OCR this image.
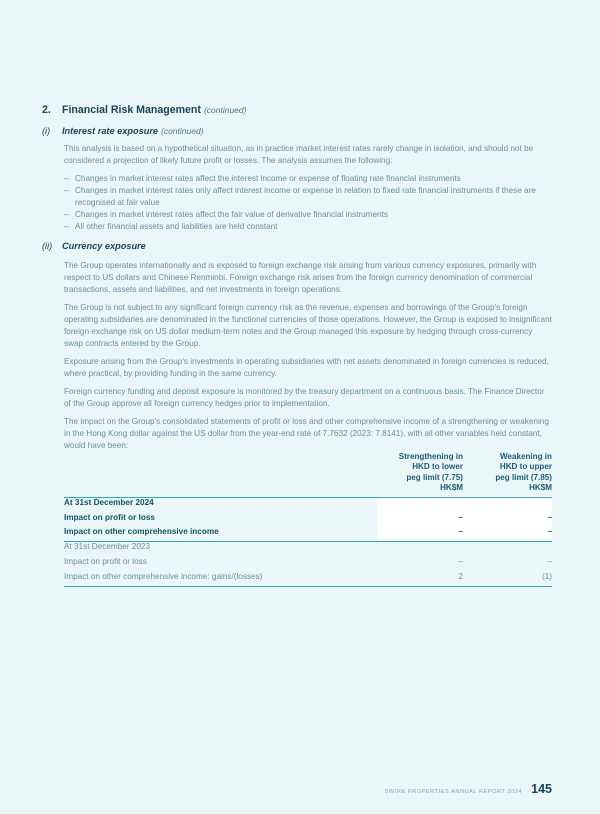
2.	Financial Risk Management (continued)
(i)	Interest rate exposure (continued)
This analysis is based on a hypothetical situation, as in practice market interest rates rarely change in isolation, and should not be considered a projection of likely future profit or losses. The analysis assumes the following:
– Changes in market interest rates affect the interest income or expense of floating rate financial instruments
– Changes in market interest rates only affect interest income or expense in relation to fixed rate financial instruments if these are recognised at fair value
– Changes in market interest rates affect the fair value of derivative financial instruments
– All other financial assets and liabilities are held constant
(ii)	Currency exposure
The Group operates internationally and is exposed to foreign exchange risk arising from various currency exposures, primarily with respect to US dollars and Chinese Renminbi. Foreign exchange risk arises from the foreign currency denomination of commercial transactions, assets and liabilities, and net investments in foreign operations.
The Group is not subject to any significant foreign currency risk as the revenue, expenses and borrowings of the Group's foreign operating subsidiaries are denominated in the functional currencies of those operations. However, the Group is exposed to insignificant foreign exchange risk on US dollar medium-term notes and the Group managed this exposure by hedging through cross-currency swap contracts entered by the Group.
Exposure arising from the Group's investments in operating subsidiaries with net assets denominated in foreign currencies is reduced, where practical, by providing funding in the same currency.
Foreign currency funding and deposit exposure is monitored by the treasury department on a continuous basis. The Finance Director of the Group approve all foreign currency hedges prior to implementation.
The impact on the Group's consolidated statements of profit or loss and other comprehensive income of a strengthening or weakening in the Hong Kong dollar against the US dollar from the year-end rate of 7.7632 (2023: 7.8141), with all other variables held constant, would have been:
Strengthening in
HKD to lower
peg limit (7.75)
HK$M
Weakening in
HKD to upper
peg limit (7.85)
HK$M
At 31st December 2024
Impact on profit or loss	–	–
Impact on other comprehensive income	–	–
At 31st December 2023
Impact on profit or loss	–	–
Impact on other comprehensive income: gains/(losses)	2	(1)
SWIRE PROPERTIES ANNUAL REPORT 2024 145
